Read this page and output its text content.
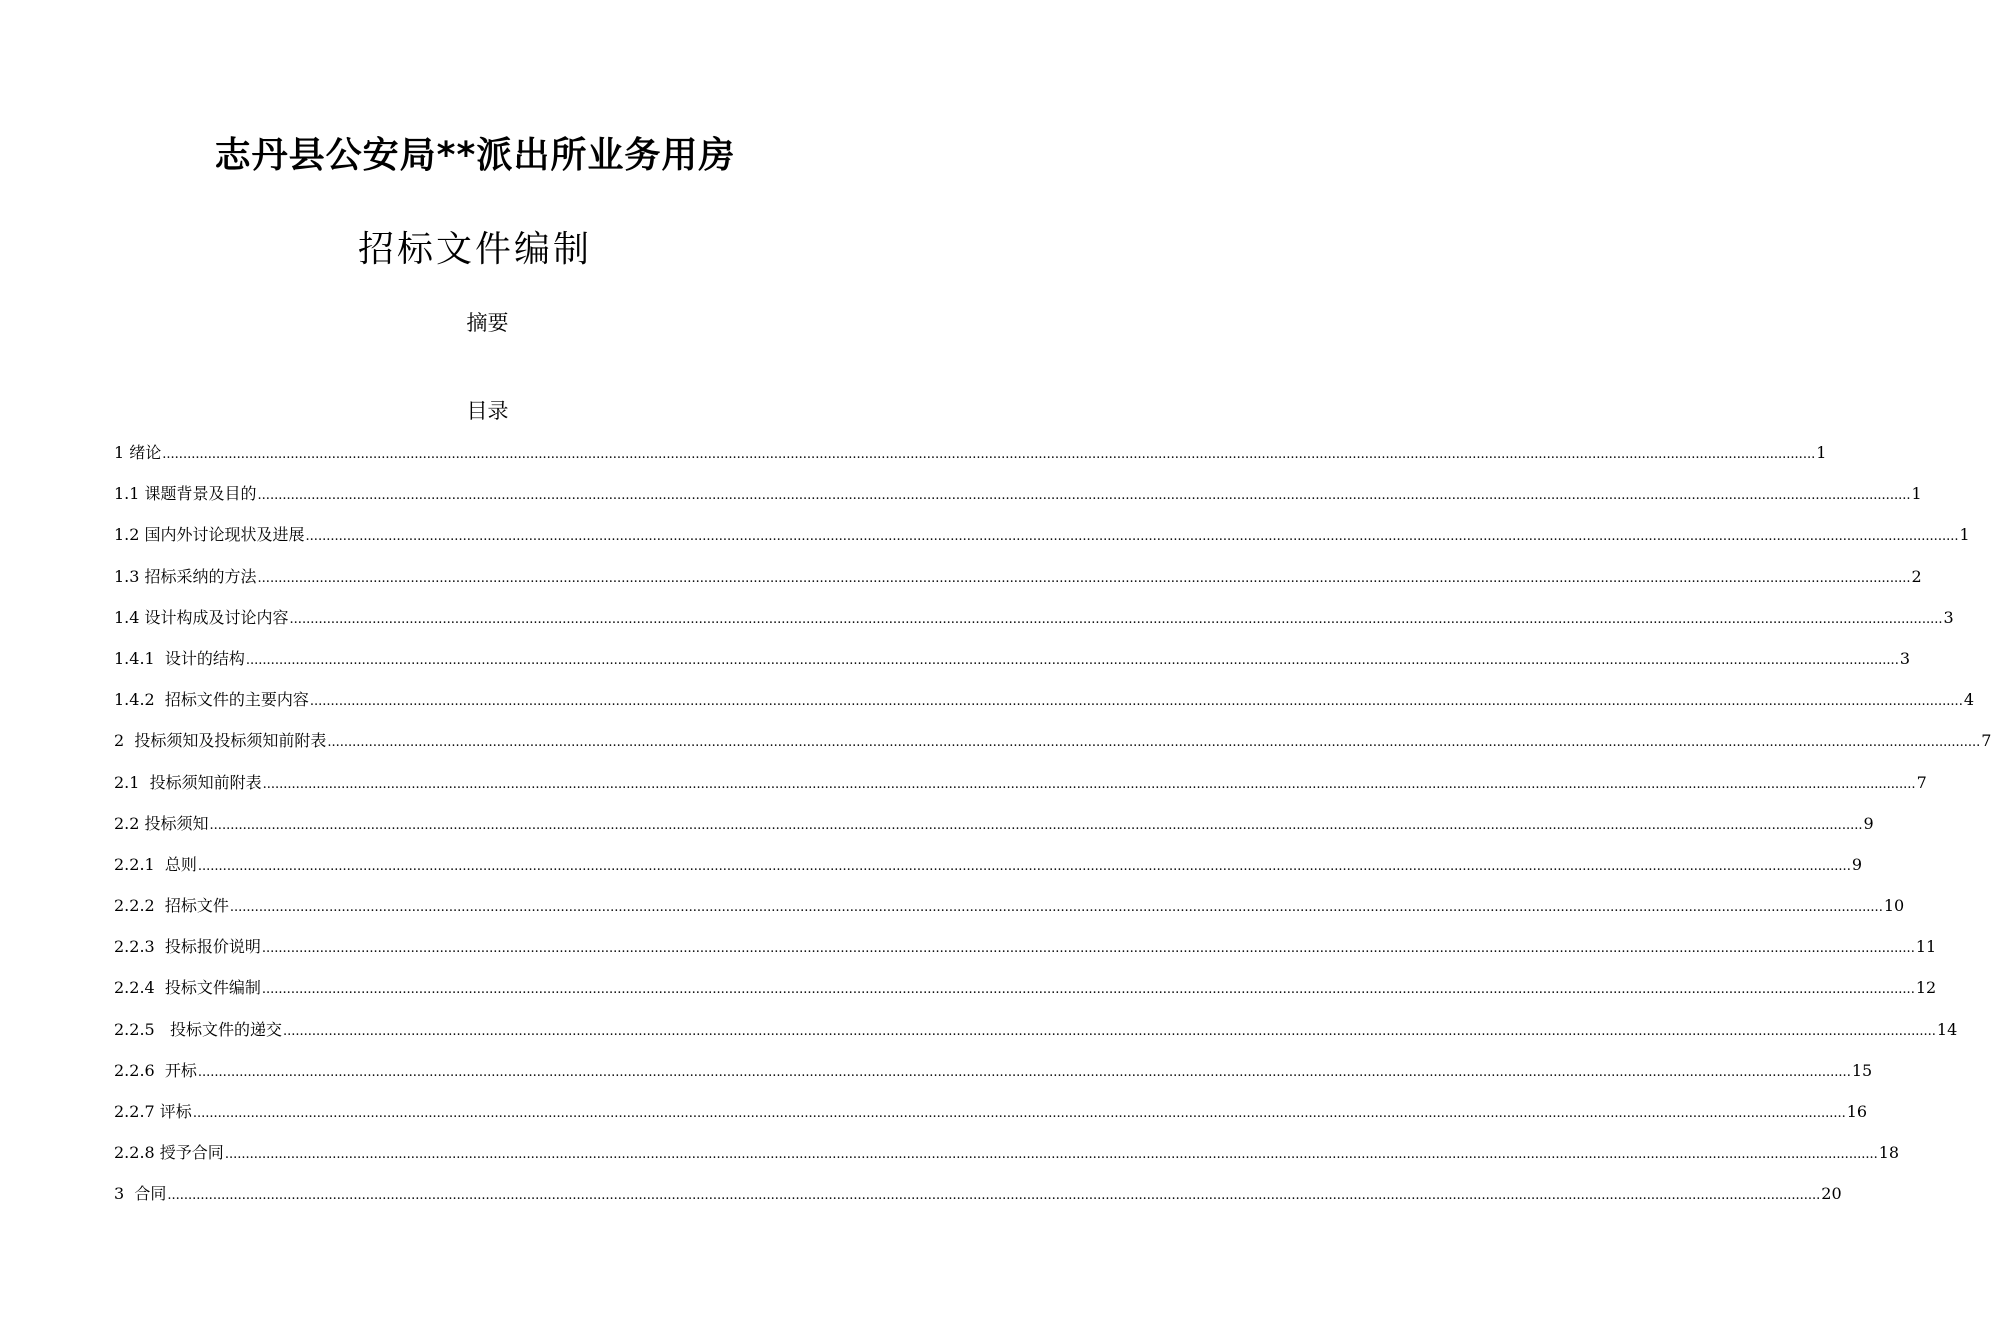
志丹县公安局**派出所业务用房
招标文件编制
摘要
目录
1 绪论 ................................................................................................................................................................................................................................................................................................................................................................................................................ 1
1.1 课题背景及目的 ................................................................................................................................................................................................................................................................................................................................................................................................................ 1
1.2 国内外讨论现状及进展 ................................................................................................................................................................................................................................................................................................................................................................................................................ 1
1.3 招标采纳的方法 ................................................................................................................................................................................................................................................................................................................................................................................................................ 2
1.4 设计构成及讨论内容 ................................................................................................................................................................................................................................................................................................................................................................................................................ 3
1.4.1  设计的结构 ................................................................................................................................................................................................................................................................................................................................................................................................................ 3
1.4.2  招标文件的主要内容 ................................................................................................................................................................................................................................................................................................................................................................................................................ 4
2  投标须知及投标须知前附表 ................................................................................................................................................................................................................................................................................................................................................................................................................ 7
2.1  投标须知前附表 ................................................................................................................................................................................................................................................................................................................................................................................................................ 7
2.2 投标须知 ................................................................................................................................................................................................................................................................................................................................................................................................................ 9
2.2.1  总则 ................................................................................................................................................................................................................................................................................................................................................................................................................ 9
2.2.2  招标文件 ................................................................................................................................................................................................................................................................................................................................................................................................................ 10
2.2.3  投标报价说明 ................................................................................................................................................................................................................................................................................................................................................................................................................ 11
2.2.4  投标文件编制 ................................................................................................................................................................................................................................................................................................................................................................................................................ 12
2.2.5   投标文件的递交 ................................................................................................................................................................................................................................................................................................................................................................................................................ 14
2.2.6  开标 ................................................................................................................................................................................................................................................................................................................................................................................................................ 15
2.2.7 评标 ................................................................................................................................................................................................................................................................................................................................................................................................................ 16
2.2.8 授予合同 ................................................................................................................................................................................................................................................................................................................................................................................................................ 18
3  合同 ................................................................................................................................................................................................................................................................................................................................................................................................................ 20
